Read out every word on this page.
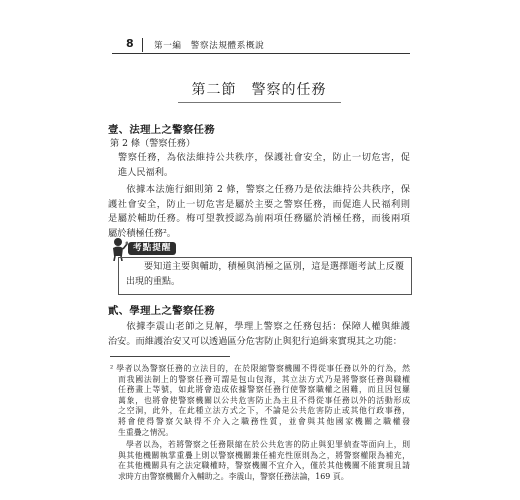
8 第一編　警察法規體系概說
第二節　警察的任務
壹、法理上之警察任務
第 2 條（警察任務）
警察任務，為依法維持公共秩序，保護社會安全，防止一切危害，促
進人民福利。
依據本法施行細則第 2 條，警察之任務乃是依法維持公共秩序，保
護社會安全，防止一切危害是屬於主要之警察任務，而促進人民福利則
是屬於輔助任務。梅可望教授認為前兩項任務屬於消極任務，而後兩項
屬於積極任務²。
考點提醒
要知道主要與輔助，積極與消極之區別，這是選擇題考試上反覆
出現的重點。
貳、學理上之警察任務
依據李震山老師之見解，學理上警察之任務包括：保障人權與維護
治安。而維護治安又可以透過區分危害防止與犯行追緝來實現其之功能：
² 學者以為警察任務的立法目的，在於限縮警察機關不得從事任務以外的行為，然
而我國法制上的警察任務可謂是包山包海，其立法方式乃是將警察任務與職權
任務畫上等號，如此將會造成依據警察任務行使警察職權之困難，而且因包羅
萬象，也將會使警察機關以公共危害防止為主且不得從事任務以外的活動形成
之空洞，此外，在此種立法方式之下，不論是公共危害防止或其他行政事務，
將會使得警察欠缺得不介入之職務性質，並會與其他國家機關之職權發
生重疊之情況。
學者以為，若將警察之任務限縮在於公共危害的防止與犯罪偵查等面向上，則
與其他機關執掌重疊上則以警察機關兼任補充性原則為之，將警察權限為補充，
在其他機關具有之法定職權時，警察機關不宜介入，僅於其他機關不能實現且請
求時方由警察機關介入輔助之。李震山，警察任務法論，169 頁。
